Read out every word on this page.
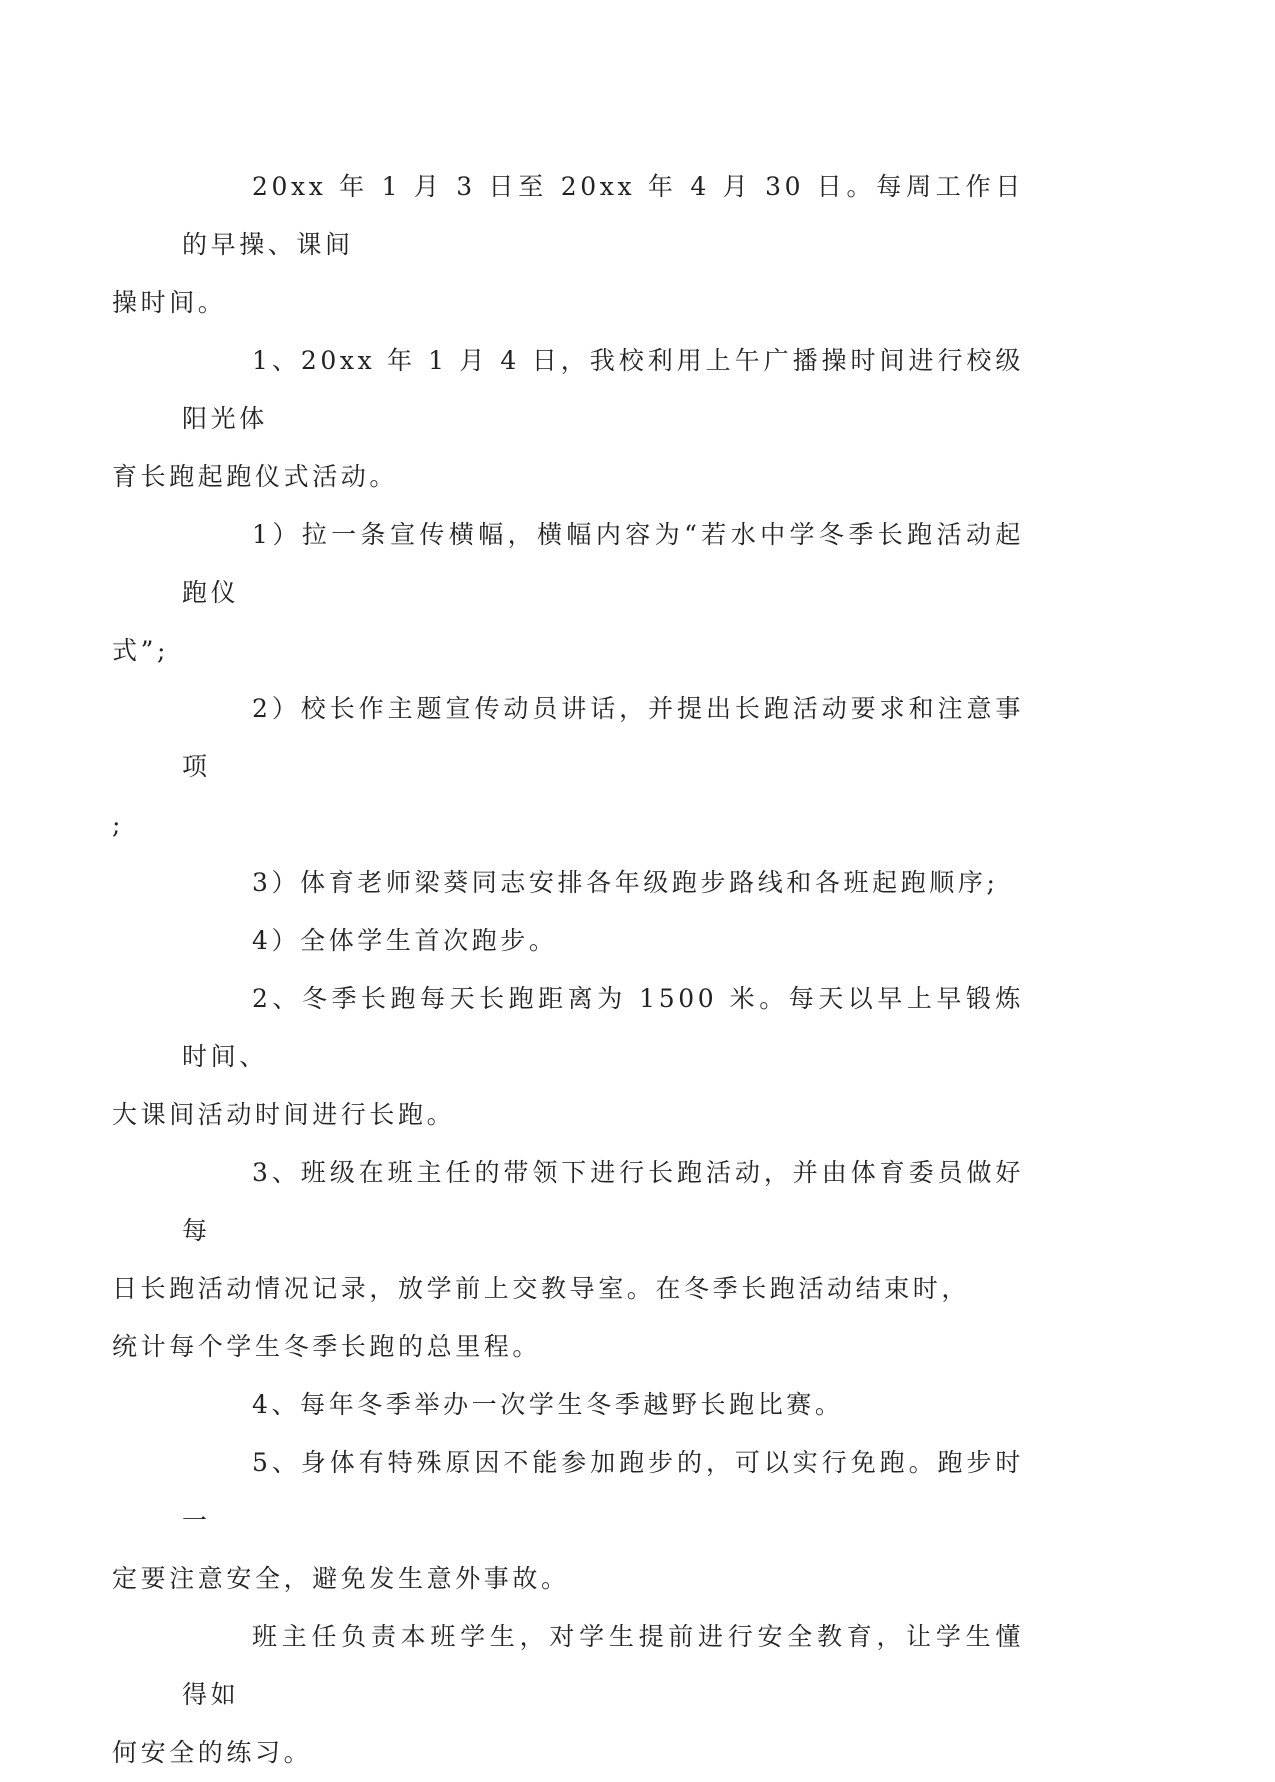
20xx 年 1 月 3 日至 20xx 年 4 月 30 日。每周工作日的早操、课间
操时间。

1、20xx 年 1 月 4 日，我校利用上午广播操时间进行校级阳光体
育长跑起跑仪式活动。

1）拉一条宣传横幅，横幅内容为“若水中学冬季长跑活动起跑仪
式”;

2）校长作主题宣传动员讲话，并提出长跑活动要求和注意事项
;

3）体育老师梁葵同志安排各年级跑步路线和各班起跑顺序;

4）全体学生首次跑步。

2、冬季长跑每天长跑距离为 1500 米。每天以早上早锻炼时间、
大课间活动时间进行长跑。

3、班级在班主任的带领下进行长跑活动，并由体育委员做好每
日长跑活动情况记录，放学前上交教导室。在冬季长跑活动结束时，
统计每个学生冬季长跑的总里程。

4、每年冬季举办一次学生冬季越野长跑比赛。

5、身体有特殊原因不能参加跑步的，可以实行免跑。跑步时一
定要注意安全，避免发生意外事故。

班主任负责本班学生，对学生提前进行安全教育，让学生懂得如
何安全的练习。
